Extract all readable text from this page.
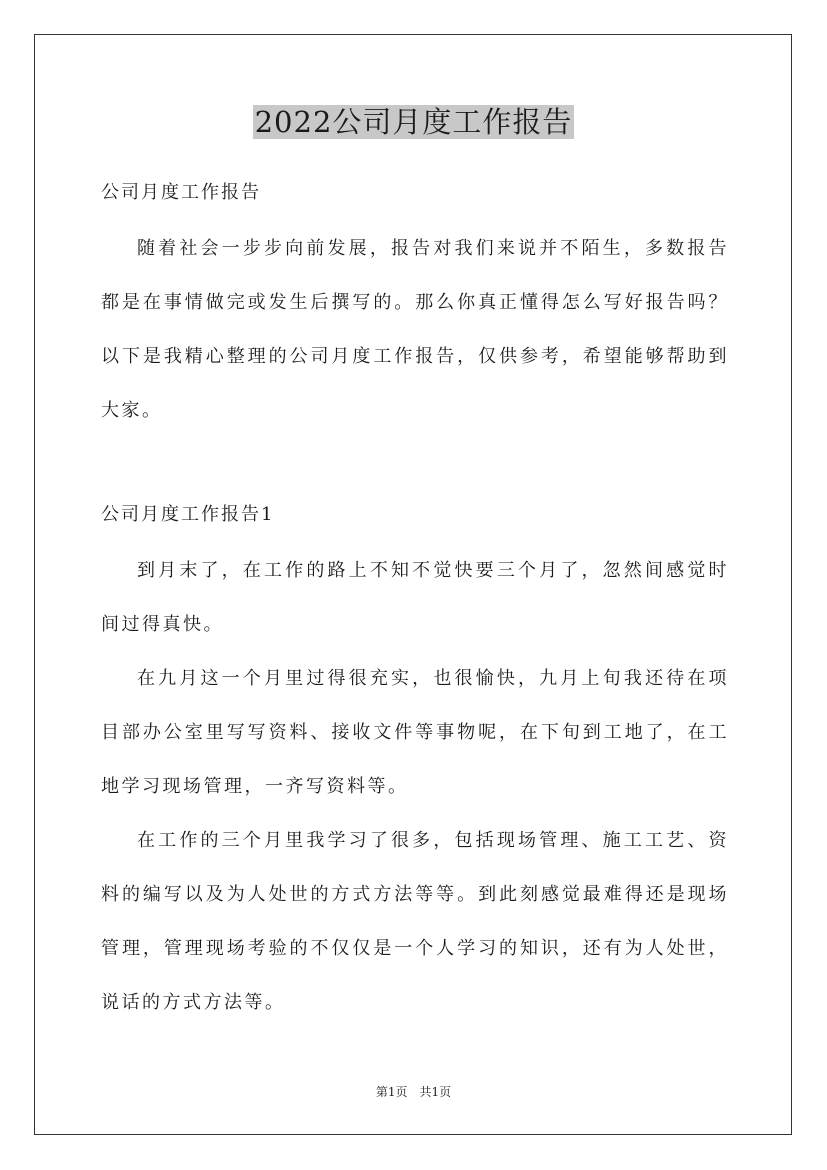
2022公司月度工作报告

公司月度工作报告

随着社会一步步向前发展，报告对我们来说并不陌生，多数报告都是在事情做完或发生后撰写的。那么你真正懂得怎么写好报告吗？以下是我精心整理的公司月度工作报告，仅供参考，希望能够帮助到大家。

公司月度工作报告1

到月末了，在工作的路上不知不觉快要三个月了，忽然间感觉时间过得真快。

在九月这一个月里过得很充实，也很愉快，九月上旬我还待在项目部办公室里写写资料、接收文件等事物呢，在下旬到工地了，在工地学习现场管理，一齐写资料等。

在工作的三个月里我学习了很多，包括现场管理、施工工艺、资料的编写以及为人处世的方式方法等等。到此刻感觉最难得还是现场管理，管理现场考验的不仅仅是一个人学习的知识，还有为人处世，说话的方式方法等。

第1页 共1页
